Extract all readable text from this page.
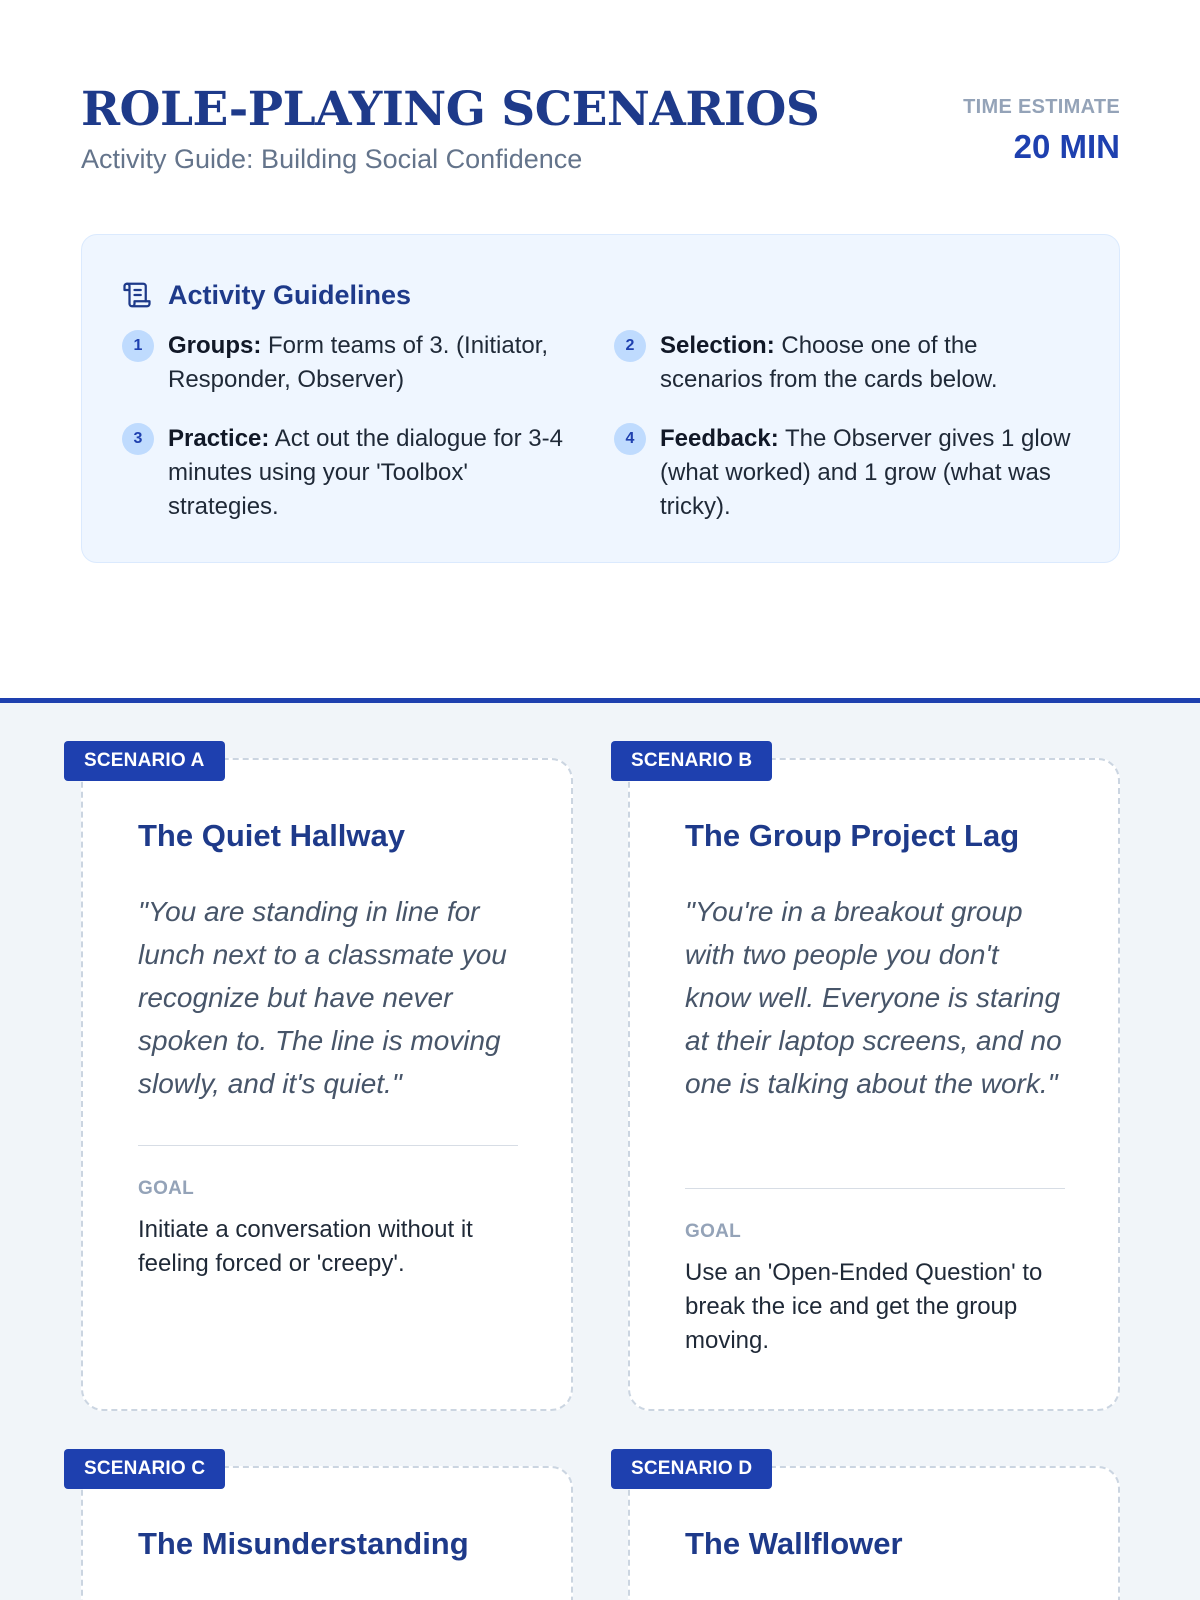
ROLE-PLAYING SCENARIOS
Activity Guide: Building Social Confidence
TIME ESTIMATE
20 MIN
Activity Guidelines
1	Groups: Form teams of 3. (Initiator, Responder, Observer)
2	Selection: Choose one of the scenarios from the cards below.
3	Practice: Act out the dialogue for 3-4 minutes using your 'Toolbox' strategies.
4	Feedback: The Observer gives 1 glow (what worked) and 1 grow (what was tricky).
The Quiet Hallway
"You are standing in line for lunch next to a classmate you recognize but have never spoken to. The line is moving slowly, and it's quiet."
GOAL
Initiate a conversation without it feeling forced or 'creepy'.
SCENARIO A
The Group Project Lag
"You're in a breakout group with two people you don't know well. Everyone is staring at their laptop screens, and no one is talking about the work."
GOAL
Use an 'Open-Ended Question' to break the ice and get the group moving.
SCENARIO B
The Misunderstanding
SCENARIO C
The Wallflower
SCENARIO D
